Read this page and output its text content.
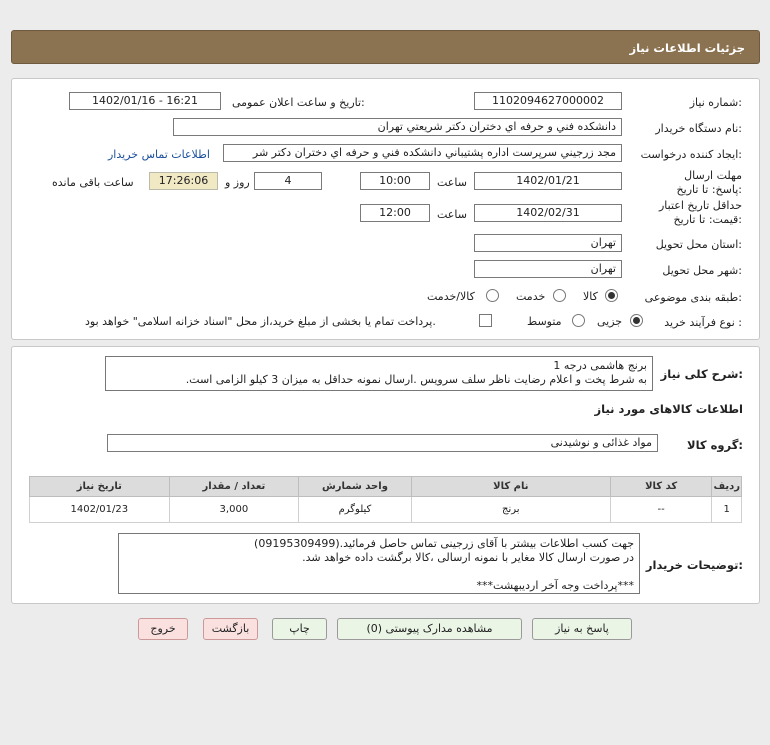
جزئیات اطلاعات نیاز
شماره نیاز:
1102094627000002
تاریخ و ساعت اعلان عمومی:
1402/01/16 - 16:21
نام دستگاه خریدار:
دانشکده فني و حرفه اي دختران دکتر شريعتي تهران
ایجاد کننده درخواست:
مجد زرجيني سرپرست اداره پشتيباني دانشکده فني و حرفه اي دختران دکتر شر
اطلاعات تماس خریدار
مهلت ارسال پاسخ: تا تاریخ:
1402/01/21
ساعت
10:00
4
روز و
17:26:06
ساعت باقی مانده
حداقل تاریخ اعتبار قیمت: تا تاریخ:
1402/02/31
ساعت
12:00
استان محل تحویل:
تهران
شهر محل تحویل:
تهران
طبقه بندی موضوعی:
کالا
خدمت
کالا/خدمت
نوع فرآیند خرید :
جزیی
متوسط
پرداخت تمام یا بخشی از مبلغ خرید،از محل "اسناد خزانه اسلامی" خواهد بود.
شرح کلی نیاز:
برنج هاشمی درجه 1
به شرط پخت و اعلام رضایت ناظر سلف سرویس .ارسال نمونه حداقل به میزان 3 کیلو الزامی است.
اطلاعات کالاهای مورد نیاز
گروه کالا:
مواد غذائی و نوشیدنی
ردیف	کد کالا	نام کالا	واحد شمارش	تعداد / مقدار	تاریخ نیاز
1	--	برنج	کیلوگرم	3,000	1402/01/23
توضیحات خریدار:
جهت کسب اطلاعات بیشتر با آقای زرجینی تماس حاصل فرمائید.(09195309499)
در صورت ارسال کالا مغایر با نمونه ارسالی ،کالا برگشت داده خواهد شد.
***پرداخت وجه آخر اردیبهشت***
پاسخ به نیاز
مشاهده مدارک پیوستی (0)
چاپ
بازگشت
خروج
